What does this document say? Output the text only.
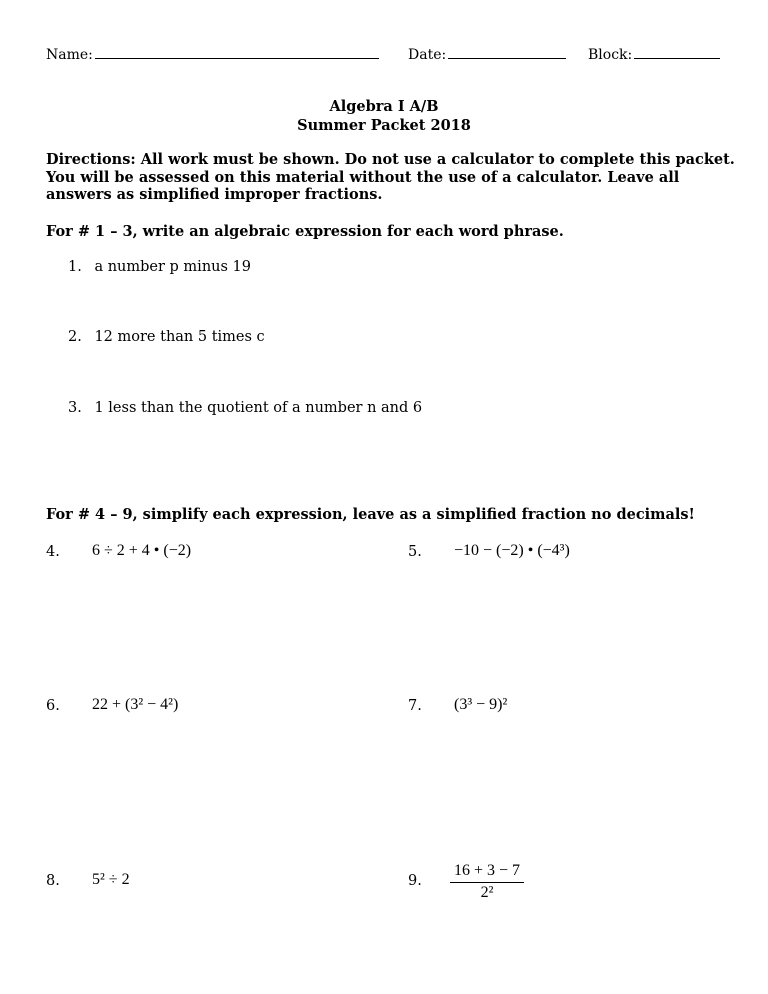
Name:	Date:	Block:
Algebra I A/B
Summer Packet 2018
Directions: All work must be shown. Do not use a calculator to complete this packet. You will be assessed on this material without the use of a calculator. Leave all answers as simplified improper fractions.
For # 1 – 3, write an algebraic expression for each word phrase.
1. a number p minus 19
2. 12 more than 5 times c
3. 1 less than the quotient of a number n and 6
For # 4 – 9, simplify each expression, leave as a simplified fraction no decimals!
4. 6 ÷ 2 + 4 • (−2)	5. −10 − (−2) • (−4³)
6. 22 + (3² − 4²)	7. (3³ − 9)²
8. 5² ÷ 2	9. $\frac{16 + 3 - 7}{\text{2²}}$
